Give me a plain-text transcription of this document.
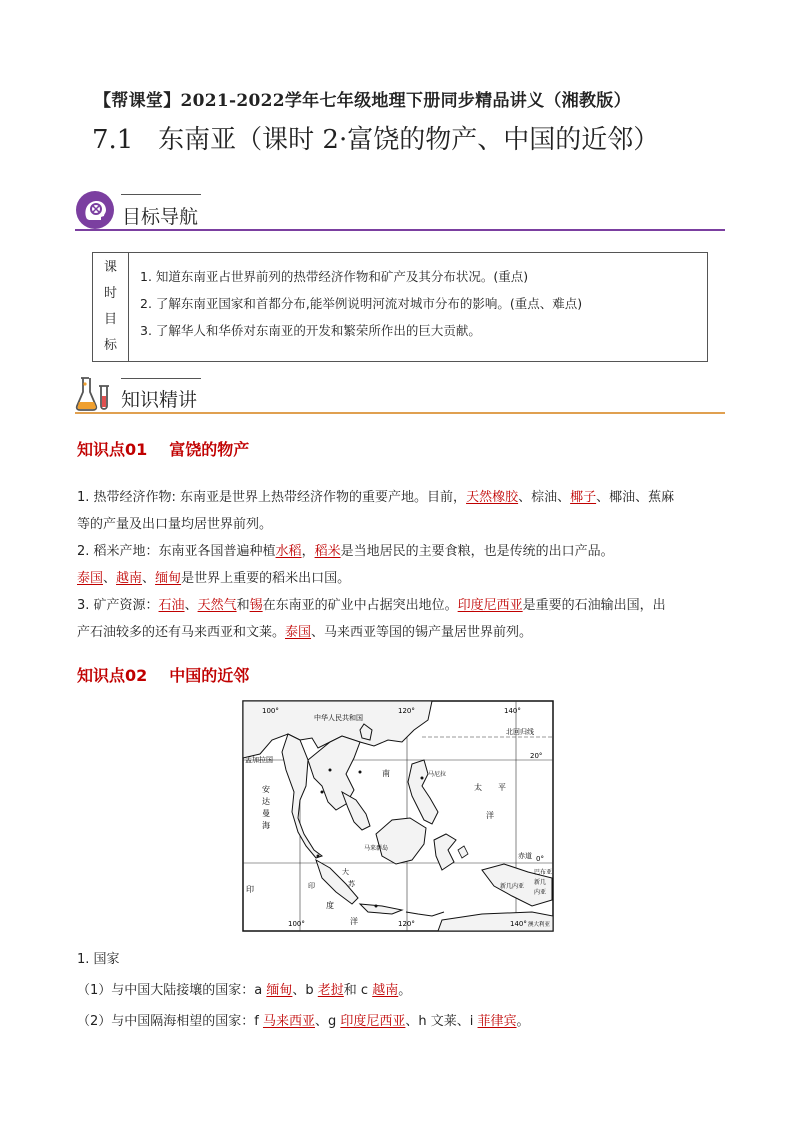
【帮课堂】2021-2022学年七年级地理下册同步精品讲义（湘教版）
7.1   东南亚（课时 2·富饶的物产、中国的近邻）
目标导航
课
时
目
标
1. 知道东南亚占世界前列的热带经济作物和矿产及其分布状况。(重点)
2. 了解东南亚国家和首都分布,能举例说明河流对城市分布的影响。(重点、难点)
3. 了解华人和华侨对东南亚的开发和繁荣所作出的巨大贡献。
知识精讲
知识点01 富饶的物产
1. 热带经济作物: 东南亚是世界上热带经济作物的重要产地。目前，天然橡胶、棕油、椰子、椰油、蕉麻
等的产量及出口量均居世界前列。
2. 稻米产地：东南亚各国普遍种植水稻，稻米是当地居民的主要食粮，也是传统的出口产品。
泰国、越南、缅甸是世界上重要的稻米出口国。
3. 矿产资源：石油、天然气和锡在东南亚的矿业中占据突出地位。印度尼西亚是重要的石油输出国，出
产石油较多的还有马来西亚和文莱。泰国、马来西亚等国的锡产量居世界前列。
知识点02 中国的近邻
100°	120°	140°
100°	120°	140°
20°
0°
中华人民共和国
北回归线
孟加拉国
安
达
曼
海
南
太 平
洋
赤道
印
度
洋
新几内亚
马尼拉
巴布亚
新几
内亚
澳大利亚
马来群岛
大
苏
印
1. 国家
（1）与中国大陆接壤的国家：a 缅甸、b 老挝和 c 越南。
（2）与中国隔海相望的国家：f 马来西亚、g 印度尼西亚、h 文莱、i 菲律宾。
